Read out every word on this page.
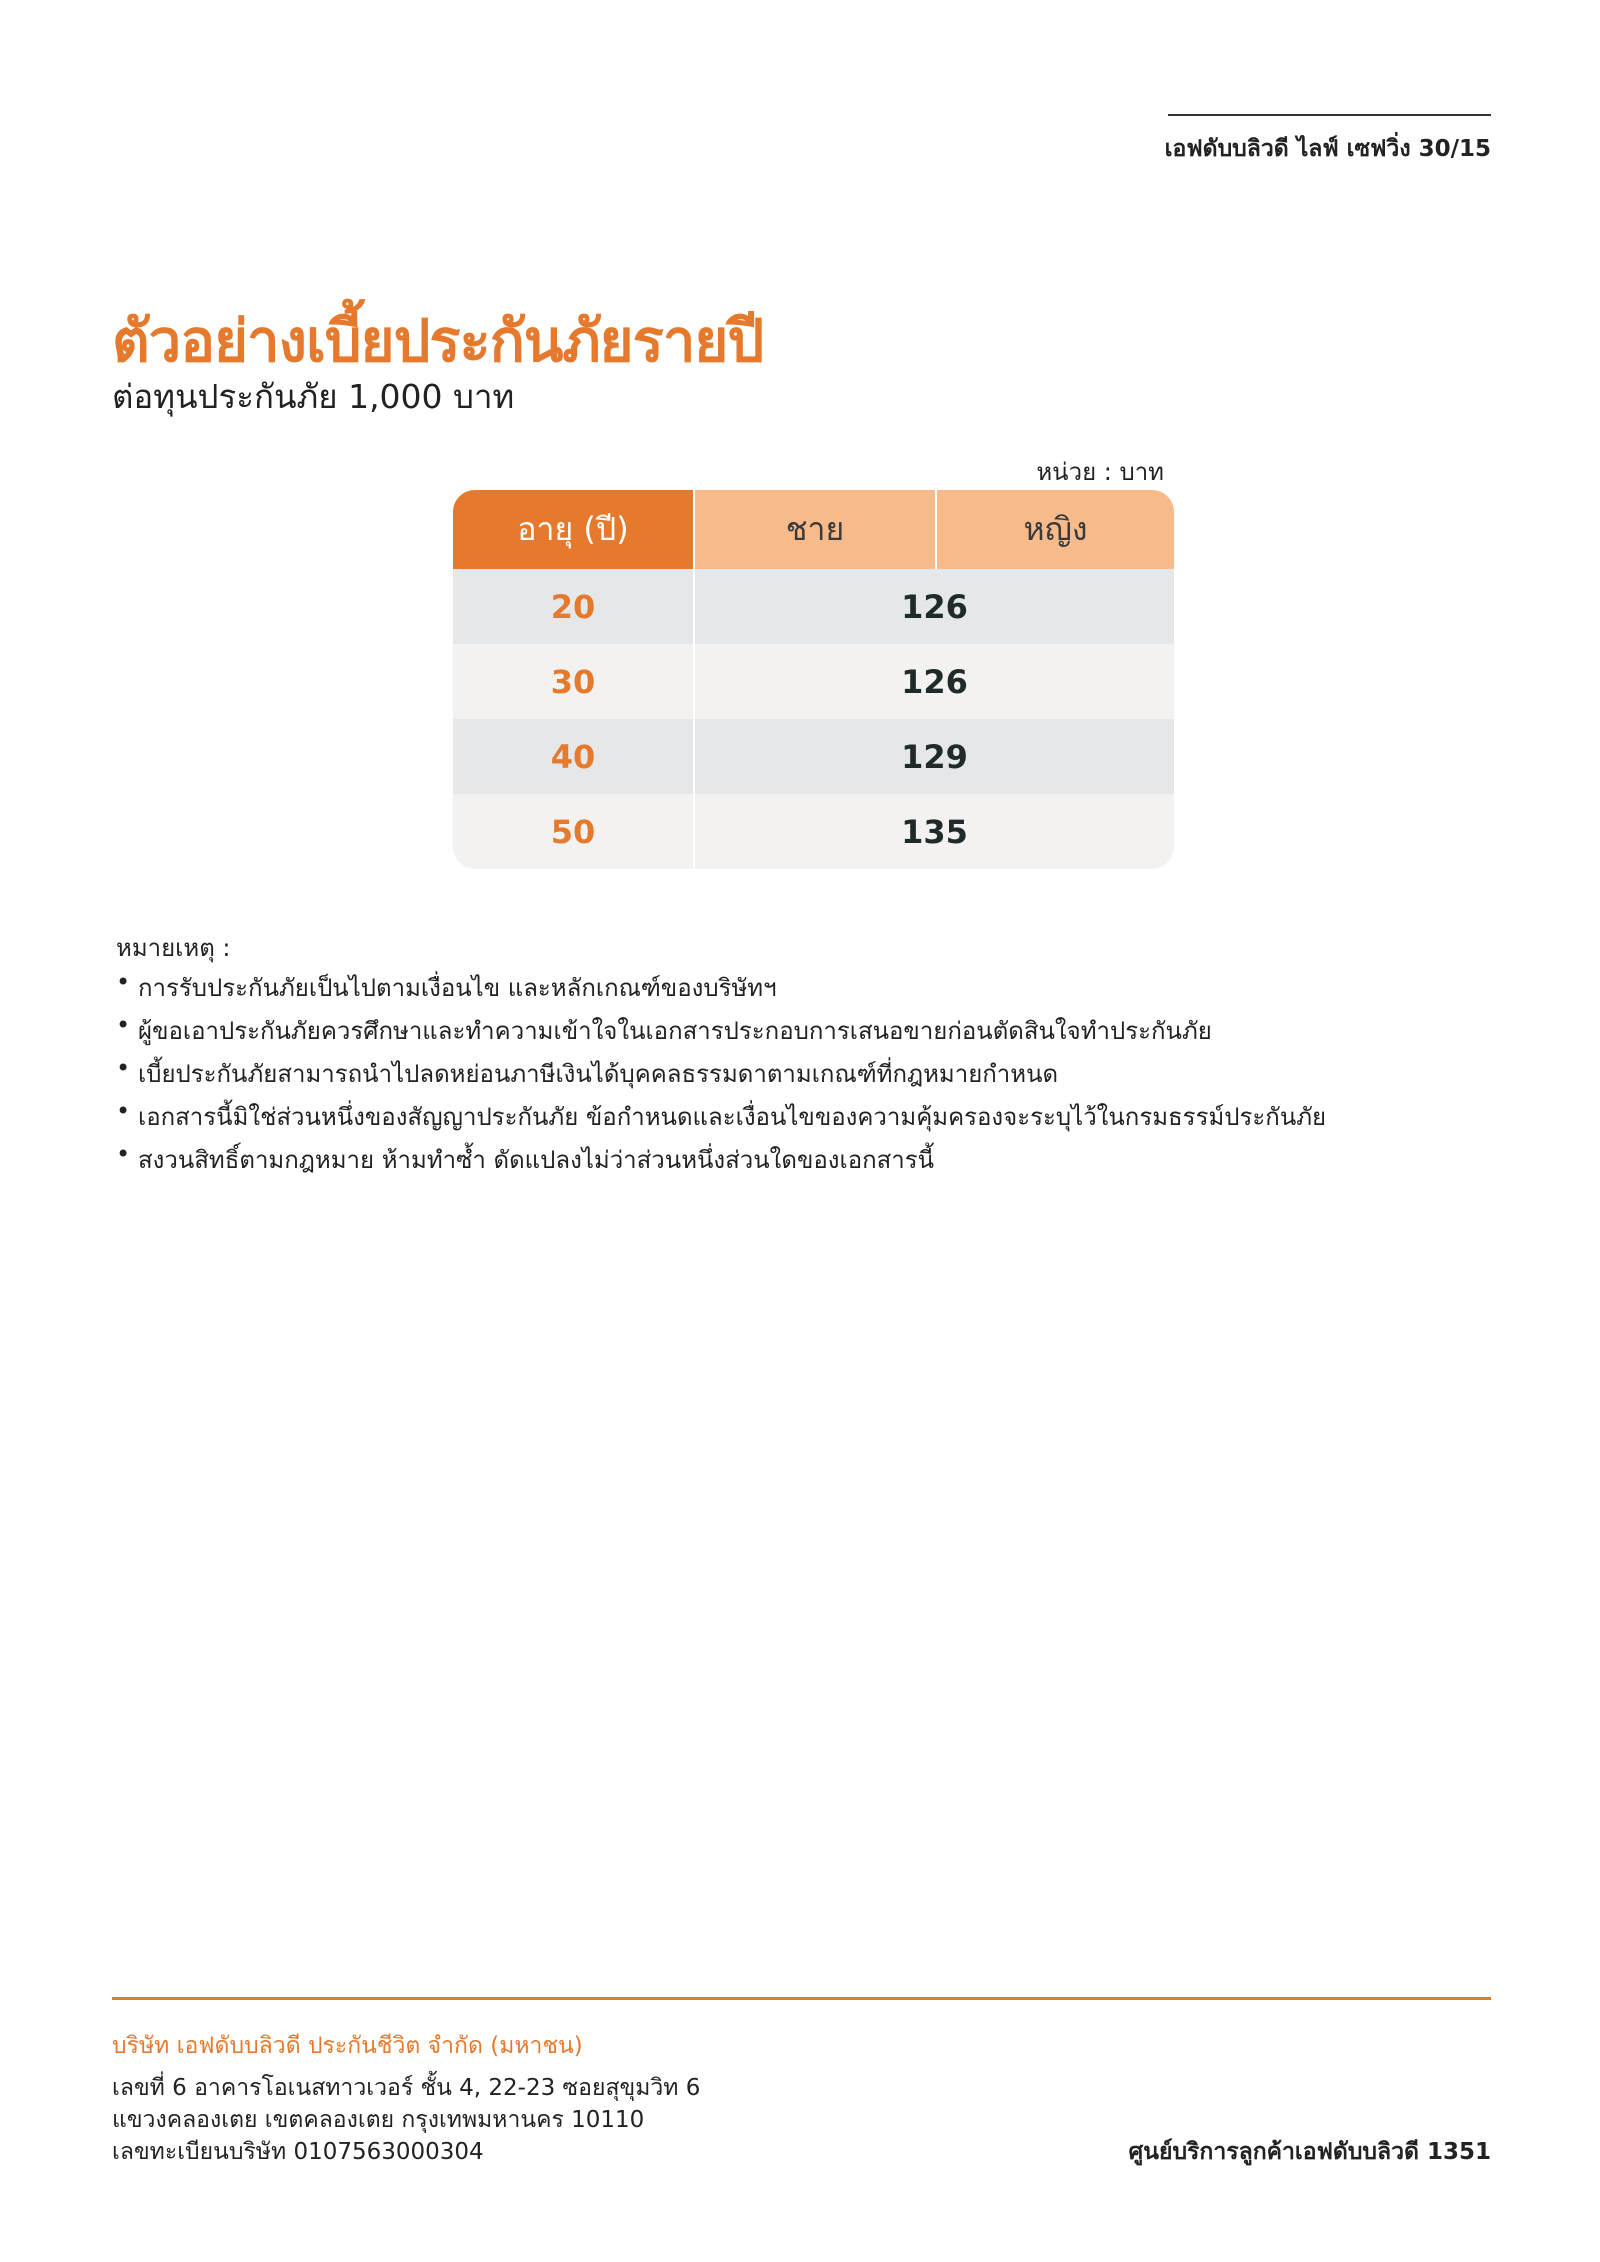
เอฟดับบลิวดี ไลฟ์ เซฟวิ่ง 30/15
ตัวอย่างเบี้ยประกันภัยรายปี
ต่อทุนประกันภัย 1,000 บาท
หน่วย : บาท
อายุ (ปี)	ชาย	หญิง
20	126
30	126
40	129
50	135
หมายเหตุ :
• การรับประกันภัยเป็นไปตามเงื่อนไข และหลักเกณฑ์ของบริษัทฯ
• ผู้ขอเอาประกันภัยควรศึกษาและทำความเข้าใจในเอกสารประกอบการเสนอขายก่อนตัดสินใจทำประกันภัย
• เบี้ยประกันภัยสามารถนำไปลดหย่อนภาษีเงินได้บุคคลธรรมดาตามเกณฑ์ที่กฎหมายกำหนด
• เอกสารนี้มิใช่ส่วนหนึ่งของสัญญาประกันภัย ข้อกำหนดและเงื่อนไขของความคุ้มครองจะระบุไว้ในกรมธรรม์ประกันภัย
• สงวนสิทธิ์ตามกฎหมาย ห้ามทำซ้ำ ดัดแปลงไม่ว่าส่วนหนึ่งส่วนใดของเอกสารนี้
บริษัท เอฟดับบลิวดี ประกันชีวิต จำกัด (มหาชน)
เลขที่ 6 อาคารโอเนสทาวเวอร์ ชั้น 4, 22-23 ซอยสุขุมวิท 6
แขวงคลองเตย เขตคลองเตย กรุงเทพมหานคร 10110
เลขทะเบียนบริษัท 0107563000304	ศูนย์บริการลูกค้าเอฟดับบลิวดี 1351
